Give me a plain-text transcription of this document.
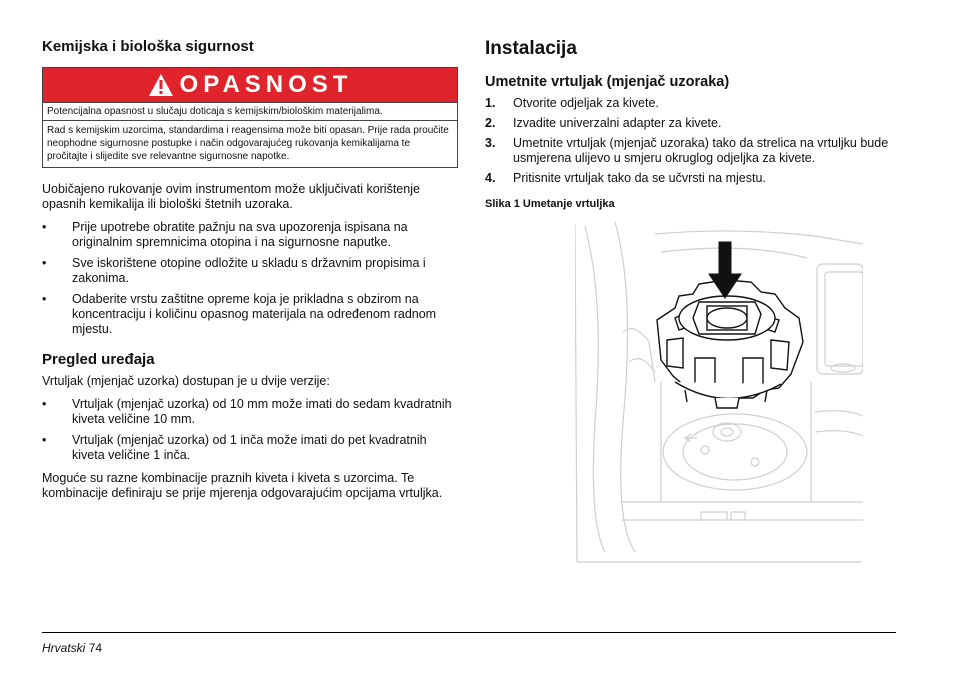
Kemijska i biološka sigurnost
OPASNOST
Potencijalna opasnost u slučaju doticaja s kemijskim/biološkim materijalima.
Rad s kemijskim uzorcima, standardima i reagensima može biti opasan. Prije rada proučite neophodne sigurnosne postupke i način odgovarajućeg rukovanja kemikalijama te pročitajte i slijedite sve relevantne sigurnosne napotke.

Uobičajeno rukovanje ovim instrumentom može uključivati korištenje opasnih kemikalija ili biološki štetnih uzoraka.

• Prije upotrebe obratite pažnju na sva upozorenja ispisana na originalnim spremnicima otopina i na sigurnosne naputke.
• Sve iskorištene otopine odložite u skladu s državnim propisima i zakonima.
• Odaberite vrstu zaštitne opreme koja je prikladna s obzirom na koncentraciju i količinu opasnog materijala na određenom radnom mjestu.
Pregled uređaja

Vrtuljak (mjenjač uzorka) dostupan je u dvije verzije:

• Vrtuljak (mjenjač uzorka) od 10 mm može imati do sedam kvadratnih kiveta veličine 10 mm.
• Vrtuljak (mjenjač uzorka) od 1 inča može imati do pet kvadratnih kiveta veličine 1 inča.

Moguće su razne kombinacije praznih kiveta i kiveta s uzorcima. Te kombinacije definiraju se prije mjerenja odgovarajućim opcijama vrtuljka.

Instalacija
Umetnite vrtuljak (mjenjač uzoraka)
1. Otvorite odjeljak za kivete.
2. Izvadite univerzalni adapter za kivete.
3. Umetnite vrtuljak (mjenjač uzoraka) tako da strelica na vrtuljku bude usmjerena ulijevo u smjeru okruglog odjeljka za kivete.
4. Pritisnite vrtuljak tako da se učvrsti na mjestu.
Slika 1 Umetanje vrtuljka
Hrvatski 74
